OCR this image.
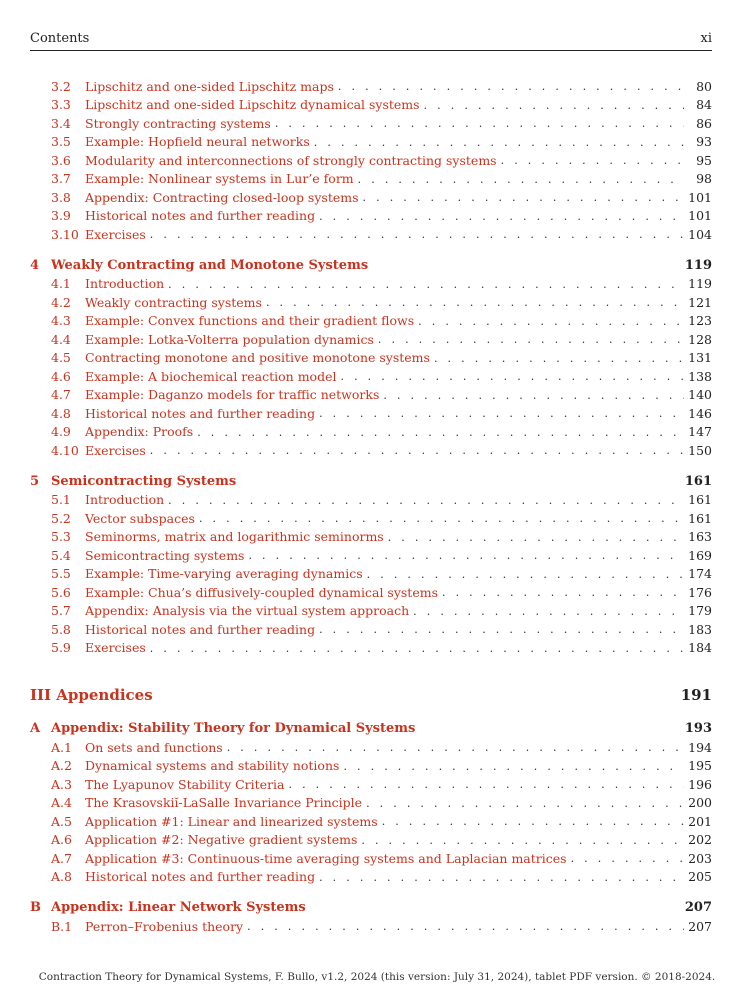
Contents	xi
3.2	Lipschitz and one-sided Lipschitz maps . . .	80
3.3	Lipschitz and one-sided Lipschitz dynamical systems . . .	84
3.4	Strongly contracting systems . . .	86
3.5	Example: Hopfield neural networks . . .	93
3.6	Modularity and interconnections of strongly contracting systems . . .	95
3.7	Example: Nonlinear systems in Lur’e form . . .	98
3.8	Appendix: Contracting closed-loop systems . . .	101
3.9	Historical notes and further reading . . .	101
3.10 Exercises . . .	104
4 Weakly Contracting and Monotone Systems	119
4.1	Introduction . . .	119
4.2	Weakly contracting systems . . .	121
4.3	Example: Convex functions and their gradient flows . . .	123
4.4	Example: Lotka-Volterra population dynamics . . .	128
4.5	Contracting monotone and positive monotone systems . . .	131
4.6	Example: A biochemical reaction model . . .	138
4.7	Example: Daganzo models for traffic networks . . .	140
4.8	Historical notes and further reading . . .	146
4.9	Appendix: Proofs . . .	147
4.10 Exercises . . .	150
5 Semicontracting Systems	161
5.1	Introduction . . .	161
5.2	Vector subspaces . . .	161
5.3	Seminorms, matrix and logarithmic seminorms . . .	163
5.4	Semicontracting systems . . .	169
5.5	Example: Time-varying averaging dynamics . . .	174
5.6	Example: Chua’s diffusively-coupled dynamical systems . . .	176
5.7	Appendix: Analysis via the virtual system approach . . .	179
5.8	Historical notes and further reading . . .	183
5.9	Exercises . . .	184
III Appendices	191
A Appendix: Stability Theory for Dynamical Systems	193
A.1	On sets and functions . . .	194
A.2	Dynamical systems and stability notions . . .	195
A.3	The Lyapunov Stability Criteria . . .	196
A.4	The Krasovskiĭ-LaSalle Invariance Principle . . .	200
A.5	Application #1: Linear and linearized systems . . .	201
A.6	Application #2: Negative gradient systems . . .	202
A.7	Application #3: Continuous-time averaging systems and Laplacian matrices . . .	203
A.8	Historical notes and further reading . . .	205
B Appendix: Linear Network Systems	207
B.1	Perron–Frobenius theory . . .	207
Contraction Theory for Dynamical Systems, F. Bullo, v1.2, 2024 (this version: July 31, 2024), tablet PDF version. © 2018-2024.
